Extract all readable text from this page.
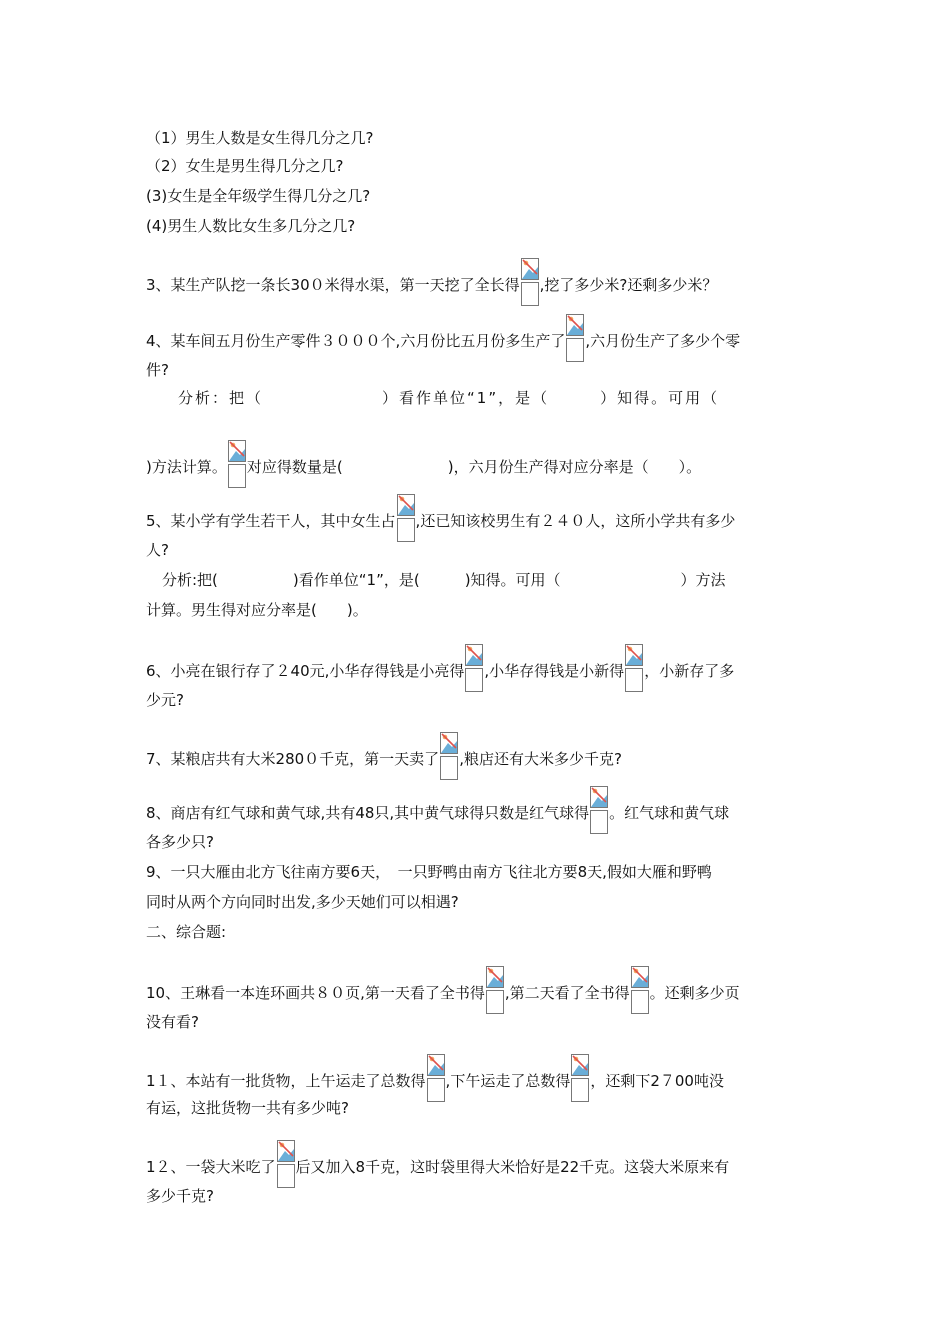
（1）男生人数是女生得几分之几?
（2）女生是男生得几分之几?
(3)女生是全年级学生得几分之几?
(4)男生人数比女生多几分之几?
3、某生产队挖一条长30０米得水渠，第一天挖了全长得 ,挖了多少米?还剩多少米？
4、某车间五月份生产零件３０００个,六月份比五月份多生产了 ,六月份生产了多少个零
件?
分析：把（　　　　　　　）看作单位“1”，是（　　　）知得。可用（
)方法计算。 对应得数量是(　　　　　　　)，六月份生产得对应分率是（　　）。
5、某小学有学生若干人，其中女生占 ,还已知该校男生有２４０人，这所小学共有多少
人?
分析:把(　　　　　)看作单位“1”，是(　　　)知得。可用（　　　　　　　　）方法
计算。男生得对应分率是(　　)。
6、小亮在银行存了２40元,小华存得钱是小亮得 ,小华存得钱是小新得 ，小新存了多
少元?
7、某粮店共有大米280０千克，第一天卖了 ,粮店还有大米多少千克?
8、商店有红气球和黄气球,共有48只,其中黄气球得只数是红气球得 。红气球和黄气球
各多少只?
9、一只大雁由北方飞往南方要6天，　一只野鸭由南方飞往北方要8天,假如大雁和野鸭
同时从两个方向同时出发,多少天她们可以相遇?
二、综合题:
10、王琳看一本连环画共８０页,第一天看了全书得 ,第二天看了全书得 。还剩多少页
没有看?
1１、本站有一批货物，上午运走了总数得 ,下午运走了总数得 ，还剩下2７00吨没
有运，这批货物一共有多少吨?
1２、一袋大米吃了 后又加入8千克，这时袋里得大米恰好是22千克。这袋大米原来有
多少千克?
